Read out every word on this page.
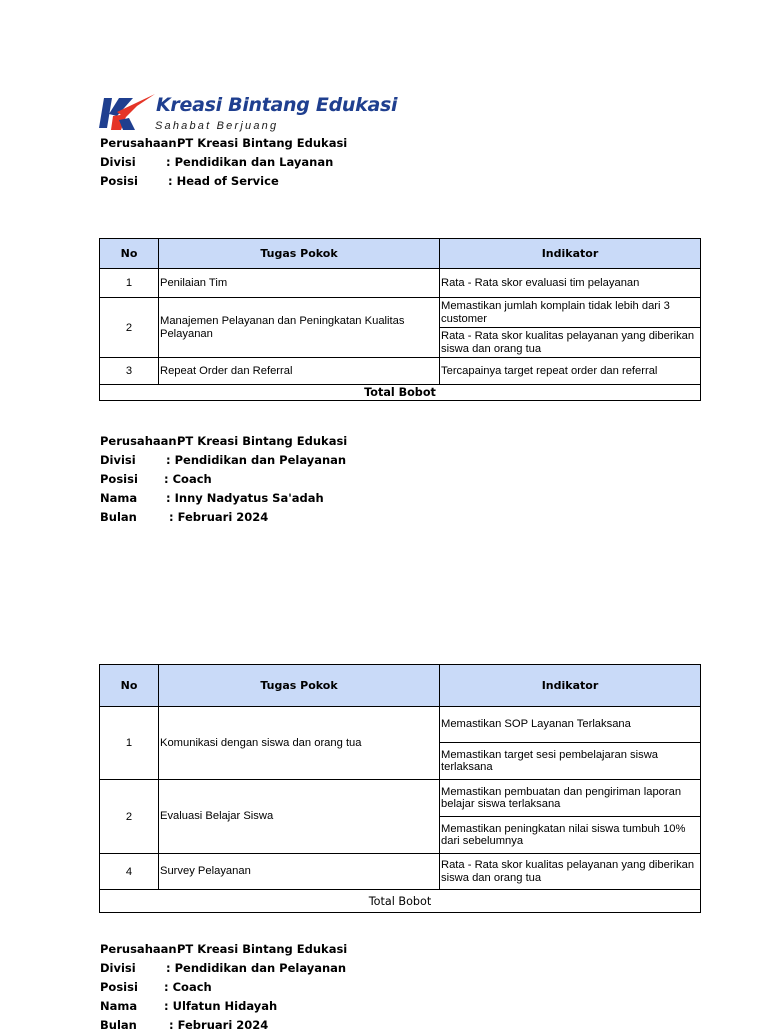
Kreasi Bintang Edukasi
Sahabat Berjuang
Perusahaan:
PT Kreasi Bintang Edukasi
Divisi	: Pendidikan dan Layanan
Posisi	: Head of Service
No	Tugas Pokok	Indikator
1	Penilaian Tim	Rata - Rata skor evaluasi tim pelayanan
2	Manajemen Pelayanan dan Peningkatan Kualitas Pelayanan	Memastikan jumlah komplain tidak lebih dari 3 customer
		Rata - Rata skor kualitas pelayanan yang diberikan siswa dan orang tua
3	Repeat Order dan Referral	Tercapainya target repeat order dan referral
Total Bobot		
Perusahaan:
PT Kreasi Bintang Edukasi
Divisi	: Pendidikan dan Pelayanan
Posisi : Coach
Nama	: Inny Nadyatus Sa'adah
Bulan	: Februari 2024
No	Tugas Pokok	Indikator
1	Komunikasi dengan siswa dan orang tua	Memastikan SOP Layanan Terlaksana
		Memastikan target sesi pembelajaran siswa terlaksana
2	Evaluasi Belajar Siswa	Memastikan pembuatan dan pengiriman laporan belajar siswa terlaksana
		Memastikan peningkatan nilai siswa tumbuh 10% dari sebelumnya
4	Survey Pelayanan	Rata - Rata skor kualitas pelayanan yang diberikan siswa dan orang tua
Total Bobot		
Perusahaan:
PT Kreasi Bintang Edukasi
Divisi	: Pendidikan dan Pelayanan
Posisi : Coach
Nama : Ulfatun Hidayah
Bulan	: Februari 2024
